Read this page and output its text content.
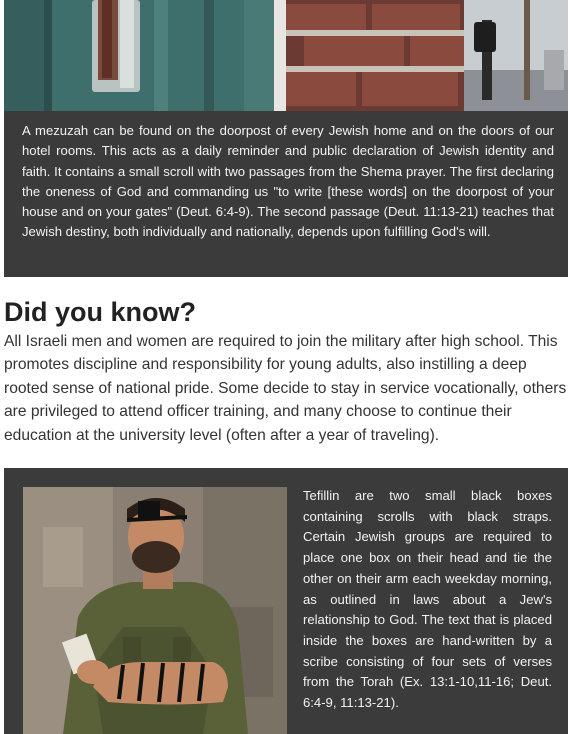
A mezuzah can be found on the doorpost of every Jewish home and on the doors of our hotel rooms. This acts as a daily reminder and public declaration of Jewish identity and faith. It contains a small scroll with two passages from the Shema prayer. The first declaring the oneness of God and commanding us "to write [these words] on the doorpost of your house and on your gates" (Deut. 6:4-9). The second passage (Deut. 11:13-21) teaches that Jewish destiny, both individually and nationally, depends upon fulfilling God's will.

Did you know?

All Israeli men and women are required to join the military after high school. This promotes discipline and responsibility for young adults, also instilling a deep rooted sense of national pride. Some decide to stay in service vocationally, others are privileged to attend officer training, and many choose to continue their education at the university level (often after a year of traveling).

Tefillin are two small black boxes containing scrolls with black straps. Certain Jewish groups are required to place one box on their head and tie the other on their arm each weekday morning, as outlined in laws about a Jew's relationship to God. The text that is placed inside the boxes are hand-written by a scribe consisting of four sets of verses from the Torah (Ex. 13:1-10,11-16; Deut. 6:4-9, 11:13-21).
